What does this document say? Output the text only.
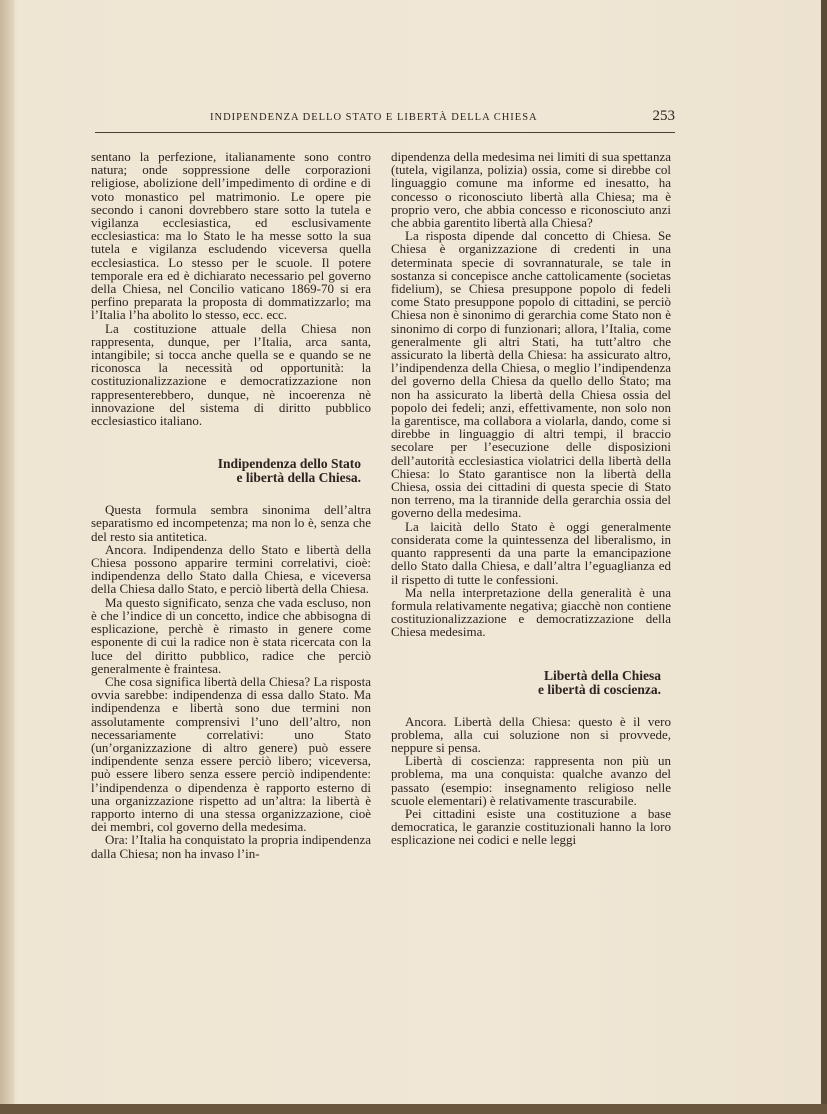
INDIPENDENZA DELLO STATO E LIBERTÀ DELLA CHIESA	253

sentano la perfezione, italianamente sono contro natura; onde soppressione delle corporazioni religiose, abolizione dell’impedimento di ordine e di voto monastico pel matrimonio. Le opere pie secondo i canoni dovrebbero stare sotto la tutela e vigilanza ecclesiastica, ed esclusivamente ecclesiastica: ma lo Stato le ha messe sotto la sua tutela e vigilanza escludendo viceversa quella ecclesiastica. Lo stesso per le scuole. Il potere temporale era ed è dichiarato necessario pel governo della Chiesa, nel Concilio vaticano 1869-70 si era perfino preparata la proposta di dommatizzarlo; ma l’Italia l’ha abolito lo stesso, ecc. ecc.

La costituzione attuale della Chiesa non rappresenta, dunque, per l’Italia, arca santa, intangibile; si tocca anche quella se e quando se ne riconosca la necessità od opportunità: la costituzionalizzazione e democratizzazione non rappresenterebbero, dunque, nè incoerenza nè innovazione del sistema di diritto pubblico ecclesiastico italiano.

Indipendenza dello Stato
e libertà della Chiesa.

Questa formula sembra sinonima dell’altra separatismo ed incompetenza; ma non lo è, senza che del resto sia antitetica.

Ancora. Indipendenza dello Stato e libertà della Chiesa possono apparire termini correlativi, cioè: indipendenza dello Stato dalla Chiesa, e viceversa della Chiesa dallo Stato, e perciò libertà della Chiesa.

Ma questo significato, senza che vada escluso, non è che l’indice di un concetto, indice che abbisogna di esplicazione, perchè è rimasto in genere come esponente di cui la radice non è stata ricercata con la luce del diritto pubblico, radice che perciò generalmente è fraintesa.

Che cosa significa libertà della Chiesa? La risposta ovvia sarebbe: indipendenza di essa dallo Stato. Ma indipendenza e libertà sono due termini non assolutamente comprensivi l’uno dell’altro, non necessariamente correlativi: uno Stato (un’organizzazione di altro genere) può essere indipendente senza essere perciò libero; viceversa, può essere libero senza essere perciò indipendente: l’indipendenza o dipendenza è rapporto esterno di una organizzazione rispetto ad un’altra: la libertà è rapporto interno di una stessa organizzazione, cioè dei membri, col governo della medesima.

Ora: l’Italia ha conquistato la propria indipendenza dalla Chiesa; non ha invaso l’in-

dipendenza della medesima nei limiti di sua spettanza (tutela, vigilanza, polizia) ossia, come si direbbe col linguaggio comune ma informe ed inesatto, ha concesso o riconosciuto libertà alla Chiesa; ma è proprio vero, che abbia concesso e riconosciuto anzi che abbia garentito libertà alla Chiesa?

La risposta dipende dal concetto di Chiesa. Se Chiesa è organizzazione di credenti in una determinata specie di sovrannaturale, se tale in sostanza si concepisce anche cattolicamente (societas fidelium), se Chiesa presuppone popolo di fedeli come Stato presuppone popolo di cittadini, se perciò Chiesa non è sinonimo di gerarchia come Stato non è sinonimo di corpo di funzionari; allora, l’Italia, come generalmente gli altri Stati, ha tutt’altro che assicurato la libertà della Chiesa: ha assicurato altro, l’indipendenza della Chiesa, o meglio l’indipendenza del governo della Chiesa da quello dello Stato; ma non ha assicurato la libertà della Chiesa ossia del popolo dei fedeli; anzi, effettivamente, non solo non la garentisce, ma collabora a violarla, dando, come si direbbe in linguaggio di altri tempi, il braccio secolare per l’esecuzione delle disposizioni dell’autorità ecclesiastica violatrici della libertà della Chiesa: lo Stato garantisce non la libertà della Chiesa, ossia dei cittadini di questa specie di Stato non terreno, ma la tirannide della gerarchia ossia del governo della medesima.

La laicità dello Stato è oggi generalmente considerata come la quintessenza del liberalismo, in quanto rappresenti da una parte la emancipazione dello Stato dalla Chiesa, e dall’altra l’eguaglianza ed il rispetto di tutte le confessioni.

Ma nella interpretazione della generalità è una formula relativamente negativa; giacchè non contiene costituzionalizzazione e democratizzazione della Chiesa medesima.

Libertà della Chiesa
e libertà di coscienza.

Ancora. Libertà della Chiesa: questo è il vero problema, alla cui soluzione non si provvede, neppure si pensa.

Libertà di coscienza: rappresenta non più un problema, ma una conquista: qualche avanzo del passato (esempio: insegnamento religioso nelle scuole elementari) è relativamente trascurabile.

Pei cittadini esiste una costituzione a base democratica, le garanzie costituzionali hanno la loro esplicazione nei codici e nelle leggi
